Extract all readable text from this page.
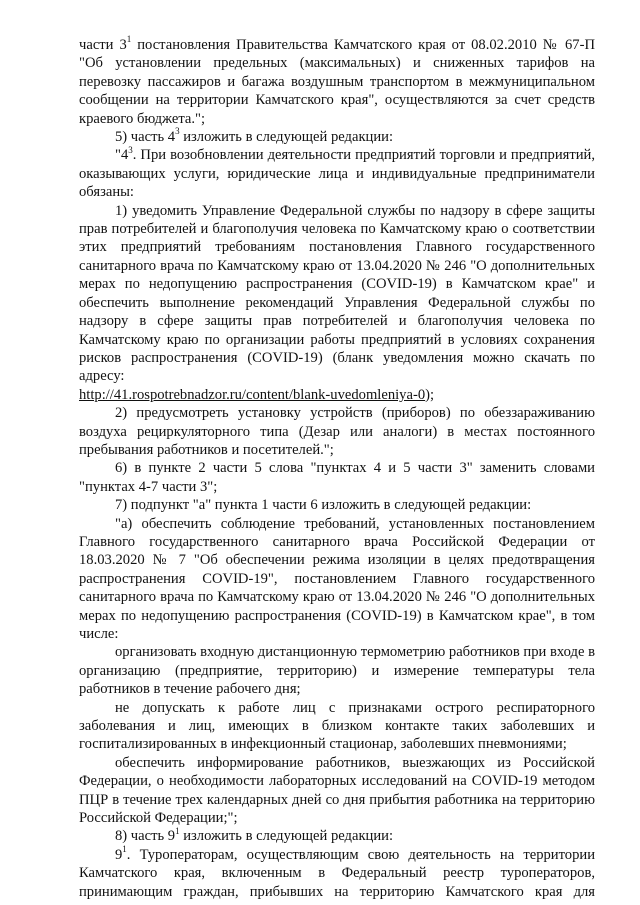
части $3^1$ постановления Правительства Камчатского края от 08.02.2010 № 67-П "Об установлении предельных (максимальных) и сниженных тарифов на перевозку пассажиров и багажа воздушным транспортом в межмуниципальном сообщении на территории Камчатского края", осуществляются за счет средств краевого бюджета.";

5) часть $4^3$ изложить в следующей редакции:

"$4^3$. При возобновлении деятельности предприятий торговли и предприятий, оказывающих услуги, юридические лица и индивидуальные предприниматели обязаны:

1) уведомить Управление Федеральной службы по надзору в сфере защиты прав потребителей и благополучия человека по Камчатскому краю о соответствии этих предприятий требованиям постановления Главного государственного санитарного врача по Камчатскому краю от 13.04.2020 № 246 "О дополнительных мерах по недопущению распространения (COVID-19) в Камчатском крае" и обеспечить выполнение рекомендаций Управления Федеральной службы по надзору в сфере защиты прав потребителей и благополучия человека по Камчатскому краю по организации работы предприятий в условиях сохранения рисков распространения (COVID-19) (бланк уведомления можно скачать по адресу:

http://41.rospotrebnadzor.ru/content/blank-uvedomleniya-0);

2) предусмотреть установку устройств (приборов) по обеззараживанию воздуха рециркуляторного типа (Дезар или аналоги) в местах постоянного пребывания работников и посетителей.";

6) в пункте 2 части 5 слова "пунктах 4 и 5 части 3" заменить словами "пунктах 4-7 части 3";

7) подпункт "а" пункта 1 части 6 изложить в следующей редакции:

"а) обеспечить соблюдение требований, установленных постановлением Главного государственного санитарного врача Российской Федерации от 18.03.2020 № 7 "Об обеспечении режима изоляции в целях предотвращения распространения COVID-19", постановлением Главного государственного санитарного врача по Камчатскому краю от 13.04.2020 № 246 "О дополнительных мерах по недопущению распространения (COVID-19) в Камчатском крае", в том числе:

организовать входную дистанционную термометрию работников при входе в организацию (предприятие, территорию) и измерение температуры тела работников в течение рабочего дня;

не допускать к работе лиц с признаками острого респираторного заболевания и лиц, имеющих в близком контакте таких заболевших и госпитализированных в инфекционный стационар, заболевших пневмониями;

обеспечить информирование работников, выезжающих из Российской Федерации, о необходимости лабораторных исследований на COVID-19 методом ПЦР в течение трех календарных дней со дня прибытия работника на территорию Российской Федерации;";

8) часть $9^1$ изложить в следующей редакции:

$9^1$. Туроператорам, осуществляющим свою деятельность на территории Камчатского края, включенным в Федеральный реестр туроператоров, принимающим граждан, прибывших на территорию Камчатского края для
